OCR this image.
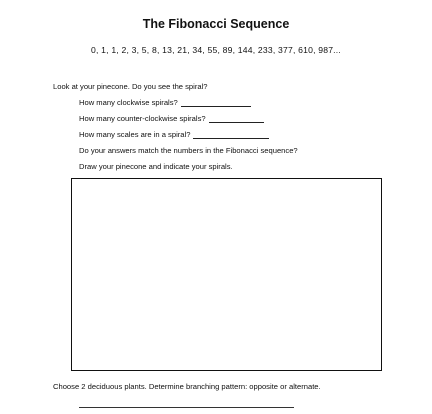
The Fibonacci Sequence
0, 1, 1, 2, 3, 5, 8, 13, 21, 34, 55, 89, 144, 233, 377, 610, 987...
Look at your pinecone. Do you see the spiral?
How many clockwise spirals?
How many counter-clockwise spirals?
How many scales are in a spiral?
Do your answers match the numbers in the Fibonacci sequence?
Draw your pinecone and indicate your spirals.
Choose 2 deciduous plants. Determine branching pattern: opposite or alternate.
